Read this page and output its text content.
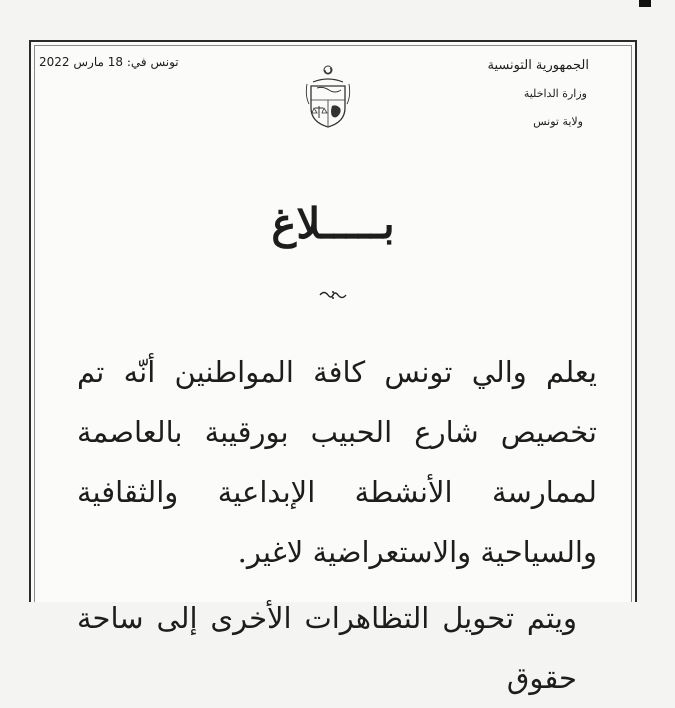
تونس في: 18 مارس 2022	الجمهورية التونسية
وزارة الداخلية
ولاية تونس
بـــــلاغ

يعلم والي تونس كافة المواطنين أنّه تم تخصيص شارع الحبيب بورقيبة بالعاصمة لممارسة الأنشطة الإبداعية والثقافية والسياحية والاستعراضية لاغير.

ويتم تحويل التظاهرات الأخرى إلى ساحة حقوق
